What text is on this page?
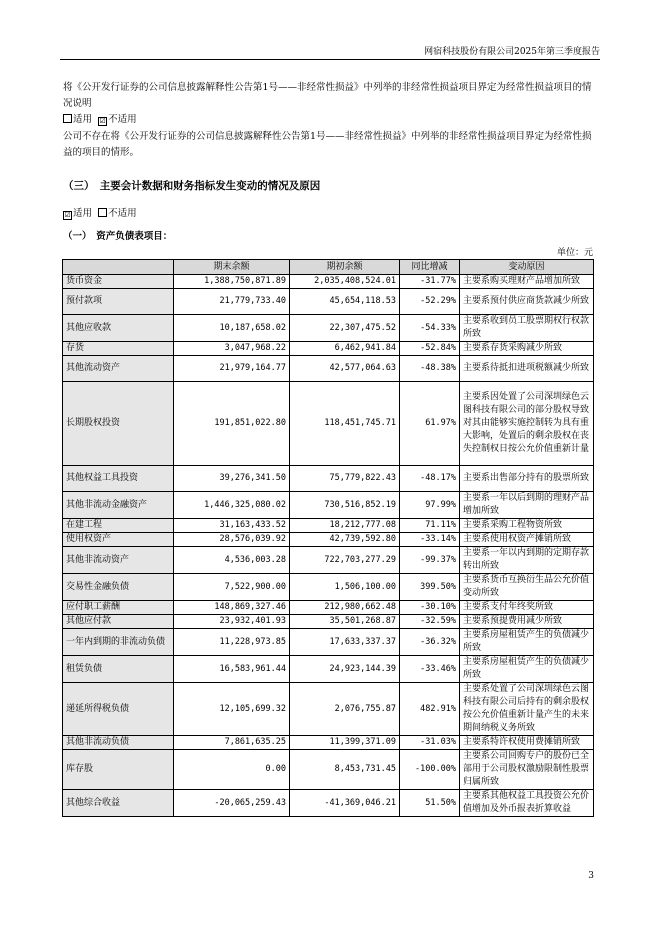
网宿科技股份有限公司2025年第三季度报告
将《公开发行证券的公司信息披露解释性公告第1号——非经常性损益》中列举的非经常性损益项目界定为经常性损益项目的情况说明
适用 ☑ 不适用
公司不存在将《公开发行证券的公司信息披露解释性公告第1号——非经常性损益》中列举的非经常性损益项目界定为经常性损益的项目的情形。
（三）　主要会计数据和财务指标发生变动的情况及原因
☑ 适用 不适用
（一）　资产负债表项目：
单位：元
	期末余额	期初余额	同比增减	变动原因
货币资金	1,388,750,871.89	2,035,408,524.01	-31.77%	主要系购买理财产品增加所致
预付款项	21,779,733.40	45,654,118.53	-52.29%	主要系预付供应商货款减少所致
其他应收款	10,187,658.02	22,307,475.52	-54.33%	主要系收到员工股票期权行权款所致
存货	3,047,968.22	6,462,941.84	-52.84%	主要系存货采购减少所致
其他流动资产	21,979,164.77	42,577,064.63	-48.38%	主要系待抵扣进项税额减少所致
长期股权投资	191,851,022.80	118,451,745.71	61.97%	主要系因处置了公司深圳绿色云图科技有限公司的部分股权导致对其由能够实施控制转为具有重大影响，处置后的剩余股权在丧失控制权日按公允价值重新计量
其他权益工具投资	39,276,341.50	75,779,822.43	-48.17%	主要系出售部分持有的股票所致
其他非流动金融资产	1,446,325,080.02	730,516,852.19	97.99%	主要系一年以后到期的理财产品增加所致
在建工程	31,163,433.52	18,212,777.08	71.11%	主要系采购工程物资所致
使用权资产	28,576,039.92	42,739,592.80	-33.14%	主要系使用权资产摊销所致
其他非流动资产	4,536,003.28	722,703,277.29	-99.37%	主要系一年以内到期的定期存款转出所致
交易性金融负债	7,522,900.00	1,506,100.00	399.50%	主要系货币互换衍生品公允价值变动所致
应付职工薪酬	148,869,327.46	212,980,662.48	-30.10%	主要系支付年终奖所致
其他应付款	23,932,401.93	35,501,268.87	-32.59%	主要系预提费用减少所致
一年内到期的非流动负债	11,228,973.85	17,633,337.37	-36.32%	主要系房屋租赁产生的负债减少所致
租赁负债	16,583,961.44	24,923,144.39	-33.46%	主要系房屋租赁产生的负债减少所致
递延所得税负债	12,105,699.32	2,076,755.87	482.91%	主要系处置了公司深圳绿色云图科技有限公司后持有的剩余股权按公允价值重新计量产生的未来期间纳税义务所致
其他非流动负债	7,861,635.25	11,399,371.09	-31.03%	主要系特许权使用费摊销所致
库存股	0.00	8,453,731.45	-100.00%	主要系公司回购专户的股份已全部用于公司股权激励限制性股票归属所致
其他综合收益	-20,065,259.43	-41,369,046.21	51.50%	主要系其他权益工具投资公允价值增加及外币报表折算收益
3
